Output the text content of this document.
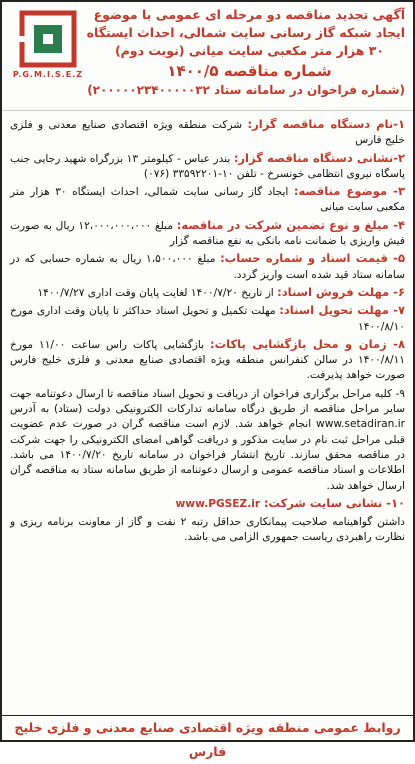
P.G.M.I.S.E.Z
آگهی تجدید مناقصه دو مرحله ای عمومی با موضوع
ایجاد شبکه گاز رسانی سایت شمالی، احداث ایستگاه
۳۰ هزار متر مکعبی سایت میانی (نوبت دوم)
شماره مناقصه ۱۴۰۰/۵
(شماره فراخوان در سامانه ستاد ۲۰۰۰۰۰۲۳۴۰۰۰۰۰۳۲)
۱-نام دستگاه مناقصه گزار: شرکت منطقه ویژه اقتصادی صنایع معدنی و فلزی خلیج فارس
۲-نشانی دستگاه مناقصه گزار: بندر عباس - کیلومتر ۱۳ بزرگراه شهید رجایی جنب پاسگاه نیروی انتظامی خونسرخ - تلفن ۱۰-۳۳۵۹۲۲۰۱ (۰۷۶)
۳- موضوع مناقصه: ایجاد گاز رسانی سایت شمالی، احداث ایستگاه ۳۰ هزار متر مکعبی سایت میانی
۴- مبلغ و نوع تضمین شرکت در مناقصه: مبلغ ۱۲،۰۰۰،۰۰۰،۰۰۰ ریال به صورت فیش واریزی یا ضمانت نامه بانکی به نفع مناقصه گزار
۵- قیمت اسناد و شماره حساب: مبلغ ۱،۵۰۰،۰۰۰ ریال به شماره حسابی که در سامانه ستاد قید شده است واریز گردد.
۶- مهلت فروش اسناد: از تاریخ ۱۴۰۰/۷/۲۰ لغایت پایان وقت اداری ۱۴۰۰/۷/۲۷
۷- مهلت تحویل اسناد: مهلت تکمیل و تحویل اسناد حداکثر تا پایان وقت اداری مورخ ۱۴۰۰/۸/۱۰
۸- زمان و محل بازگشایی پاکات: بازگشایی پاکات راس ساعت ۱۱/۰۰ مورخ ۱۴۰۰/۸/۱۱ در سالن کنفرانس منطقه ویژه اقتصادی صنایع معدنی و فلزی خلیج فارس صورت خواهد پذیرفت.
۹- کلیه مراحل برگزاری فراخوان از دریافت و تحویل اسناد مناقصه تا ارسال دعوتنامه جهت سایر مراحل مناقصه از طریق درگاه سامانه تدارکات الکترونیکی دولت (ستاد) به آدرس www.setadiran.ir انجام خواهد شد. لازم است مناقصه گران در صورت عدم عضویت قبلی مراحل ثبت نام در سایت مذکور و دریافت گواهی امضای الکترونیکی را جهت شرکت در مناقصه محقق سازند. تاریخ انتشار فراخوان در سامانه تاریخ ۱۴۰۰/۷/۲۰ می باشد. اطلاعات و اسناد مناقصه عمومی و ارسال دعوتنامه از طریق سامانه ستاد به مناقصه گران ارسال خواهد شد.
۱۰- نشانی سایت شرکت: www.PGSEZ.ir
داشتن گواهینامه صلاحیت پیمانکاری حداقل رتبه ۲ نفت و گاز از معاونت برنامه ریزی و نظارت راهبردی ریاست جمهوری الزامی می باشد.
روابط عمومی منطقه ویژه اقتصادی صنایع معدنی و فلزی خلیج فارس
